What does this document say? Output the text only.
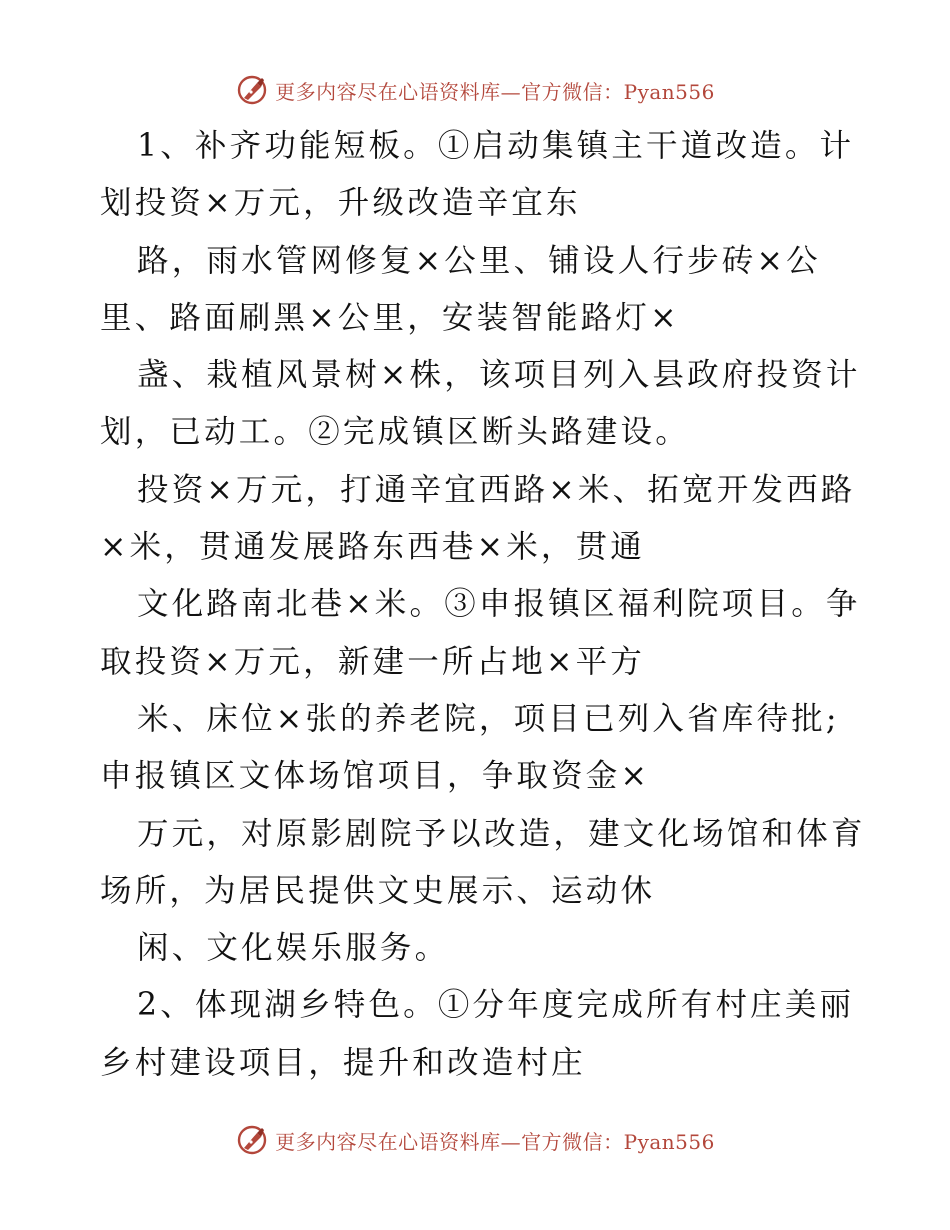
更多内容尽在心语资料库—官方微信：Pyan556
1、补齐功能短板。①启动集镇主干道改造。计
划投资×万元，升级改造辛宜东
路，雨水管网修复×公里、铺设人行步砖×公
里、路面刷黑×公里，安装智能路灯×
盏、栽植风景树×株，该项目列入县政府投资计
划，已动工。②完成镇区断头路建设。
投资×万元，打通辛宜西路×米、拓宽开发西路
×米，贯通发展路东西巷×米，贯通
文化路南北巷×米。③申报镇区福利院项目。争
取投资×万元，新建一所占地×平方
米、床位×张的养老院，项目已列入省库待批;
申报镇区文体场馆项目，争取资金×
万元，对原影剧院予以改造，建文化场馆和体育
场所，为居民提供文史展示、运动休
闲、文化娱乐服务。
2、体现湖乡特色。①分年度完成所有村庄美丽
乡村建设项目，提升和改造村庄
更多内容尽在心语资料库—官方微信：Pyan556
